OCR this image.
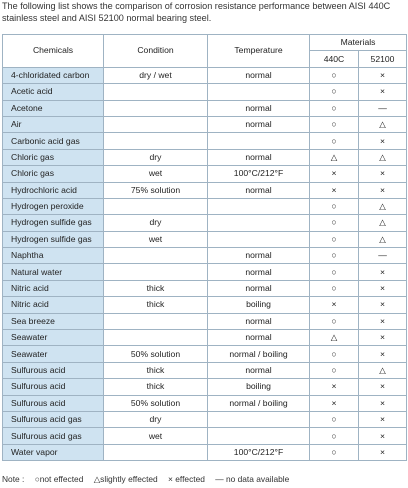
The following list shows the comparison of corrosion resistance performance between AISI 440C stainless steel and AISI 52100 normal bearing steel.
Chemicals	Condition	Temperature	Materials	
			440C	52100
4-chloridated carbon	dry / wet	normal	○	×
Acetic acid			○	×
Acetone		normal	○	—
Air		normal	○	△
Carbonic acid gas			○	×
Chloric gas	dry	normal	△	△
Chloric gas	wet	100°C/212°F	×	×
Hydrochloric acid	75% solution	normal	×	×
Hydrogen peroxide			○	△
Hydrogen sulfide gas	dry		○	△
Hydrogen sulfide gas	wet		○	△
Naphtha		normal	○	—
Natural water		normal	○	×
Nitric acid	thick	normal	○	×
Nitric acid	thick	boiling	×	×
Sea breeze		normal	○	×
Seawater		normal	△	×
Seawater	50% solution	normal / boiling	○	×
Sulfurous acid	thick	normal	○	△
Sulfurous acid	thick	boiling	×	×
Sulfurous acid	50% solution	normal / boiling	×	×
Sulfurous acid gas	dry		○	×
Sulfurous acid gas	wet		○	×
Water vapor		100°C/212°F	○	×
Note : ○not effected △slightly effected × effected — no data available
